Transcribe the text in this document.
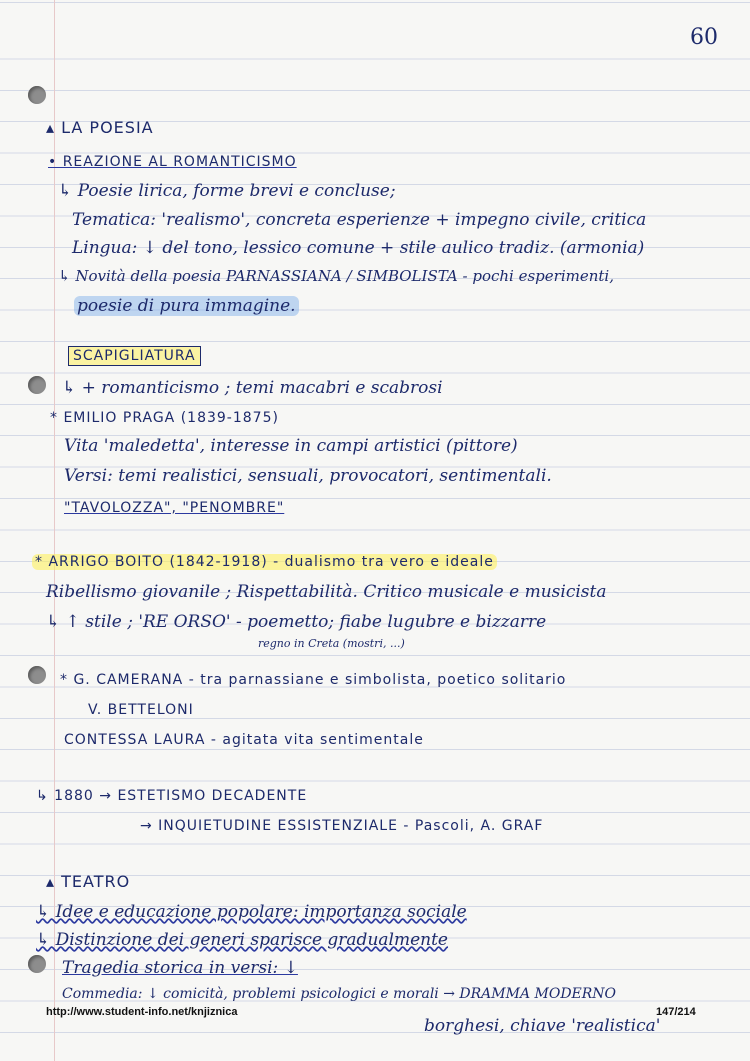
60
▴ LA POESIA
• REAZIONE AL ROMANTICISMO
↳ Poesie lirica, forme brevi e concluse;
Tematica: 'realismo', concreta esperienze + impegno civile, critica
Lingua: ↓ del tono, lessico comune + stile aulico tradiz. (armonia)
↳ Novità della poesia PARNASSIANA / SIMBOLISTA - pochi esperimenti,
poesie di pura immagine.
SCAPIGLIATURA
↳ + romanticismo ; temi macabri e scabrosi
* EMILIO PRAGA (1839-1875)
Vita 'maledetta', interesse in campi artistici (pittore)
Versi: temi realistici, sensuali, provocatori, sentimentali.
"TAVOLOZZA", "PENOMBRE"
* ARRIGO BOITO (1842-1918) - dualismo tra vero e ideale
Ribellismo giovanile ; Rispettabilità. Critico musicale e musicista
↳ ↑ stile ; 'RE ORSO' - poemetto; fiabe lugubre e bizzarre
regno in Creta (mostri, ...)
* G. CAMERANA - tra parnassiane e simbolista, poetico solitario
V. BETTELONI
CONTESSA LAURA - agitata vita sentimentale
↳ 1880 → ESTETISMO DECADENTE
→ INQUIETUDINE ESSISTENZIALE - Pascoli, A. GRAF
▴ TEATRO
↳ Idee e educazione popolare: importanza sociale
↳ Distinzione dei generi sparisce gradualmente
Tragedia storica in versi: ↓
Commedia: ↓ comicità, problemi psicologici e morali → DRAMMA MODERNO
borghesi, chiave 'realistica'
http://www.student-info.net/knjiznica	147/214
